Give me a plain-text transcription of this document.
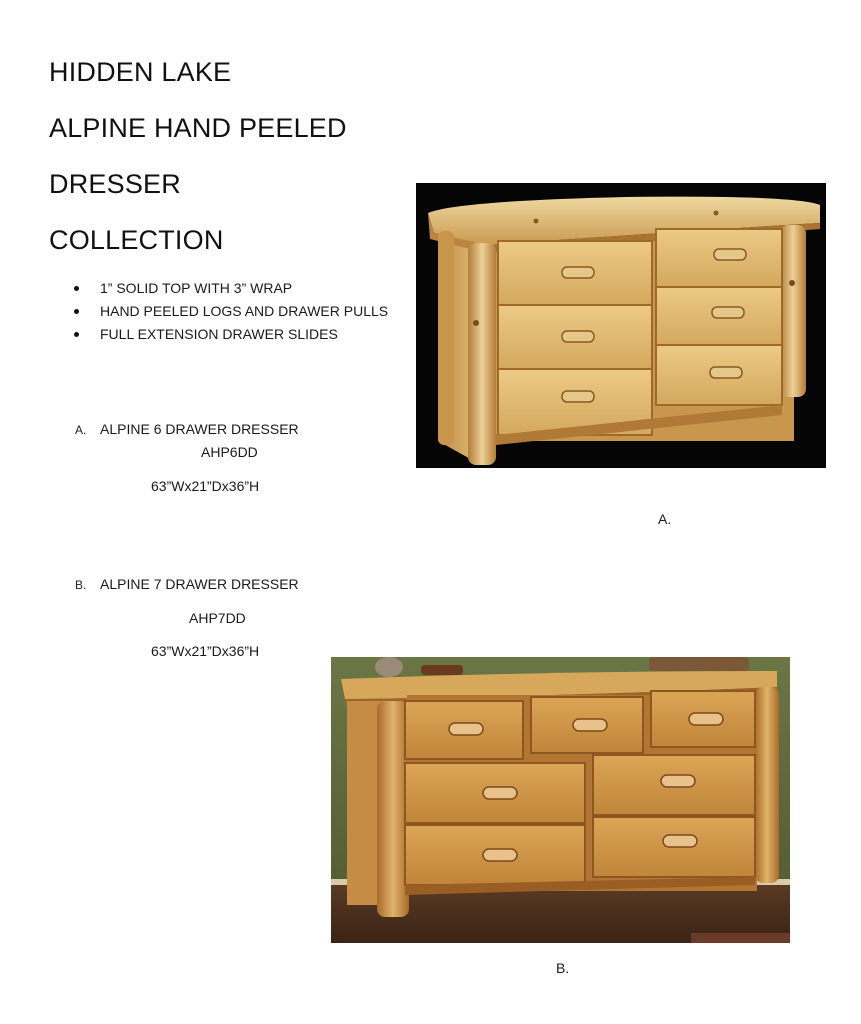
HIDDEN LAKE
ALPINE HAND PEELED
DRESSER
COLLECTION
1” SOLID TOP WITH 3” WRAP
HAND PEELED LOGS AND DRAWER PULLS
FULL EXTENSION DRAWER SLIDES
A. ALPINE 6 DRAWER DRESSER
AHP6DD
63”Wx21”Dx36”H
B. ALPINE 7 DRAWER DRESSER
AHP7DD
63”Wx21”Dx36”H
A.
B.
